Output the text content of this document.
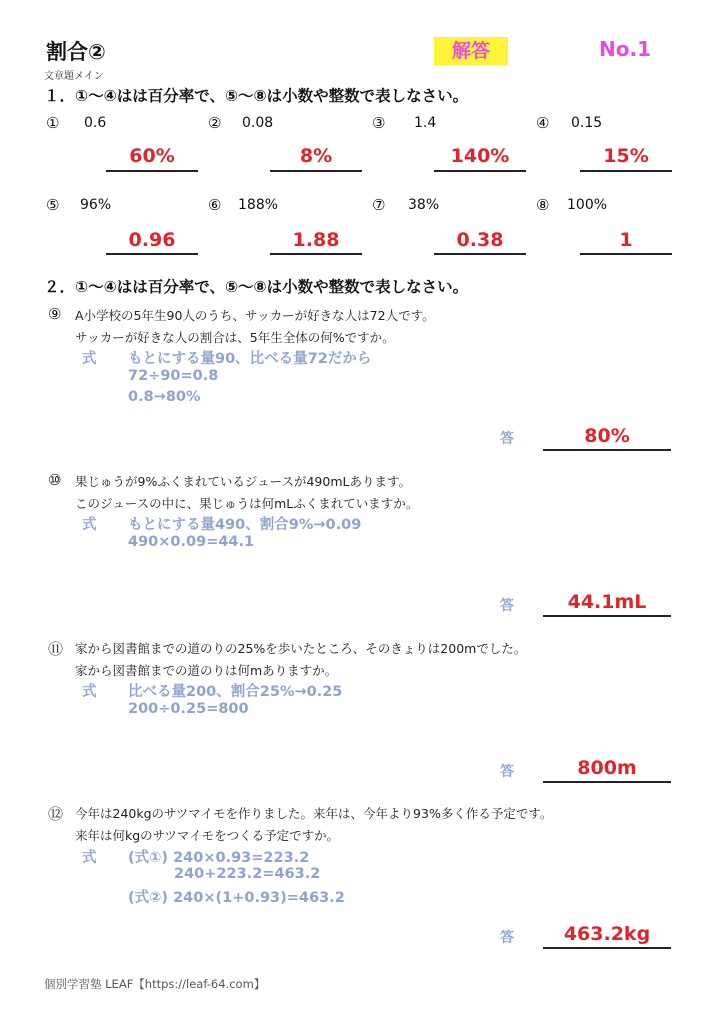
割合②
文章題メイン
解答	No.1
１．①～④はは百分率で、⑤～⑧は小数や整数で表しなさい。
① 0.6
60%
② 0.08
8%
③ 1.4
140%
④ 0.15
15%
⑤ 96%
0.96
⑥ 188%
1.88
⑦ 38%
0.38
⑧ 100%
1
２．①～④はは百分率で、⑤～⑧は小数や整数で表しなさい。
⑨ A小学校の5年生90人のうち、サッカーが好きな人は72人です。
サッカーが好きな人の割合は、5年生全体の何%ですか。
式 もとにする量90、比べる量72だから
72÷90=0.8
0.8→80%
答	80%
⑩ 果じゅうが9%ふくまれているジュースが490mLあります。
このジュースの中に、果じゅうは何mLふくまれていますか。
式 もとにする量490、割合9%→0.09
490×0.09=44.1
答	44.1mL
⑪ 家から図書館までの道のりの25%を歩いたところ、そのきょりは200mでした。
家から図書館までの道のりは何mありますか。
式 比べる量200、割合25%→0.25
200÷0.25=800
答	800m
⑫ 今年は240kgのサツマイモを作りました。来年は、今年より93%多く作る予定です。
来年は何kgのサツマイモをつくる予定ですか。
式 (式①) 240×0.93=223.2
240+223.2=463.2
(式②) 240×(1+0.93)=463.2
答	463.2kg
個別学習塾 LEAF【https://leaf-64.com】
